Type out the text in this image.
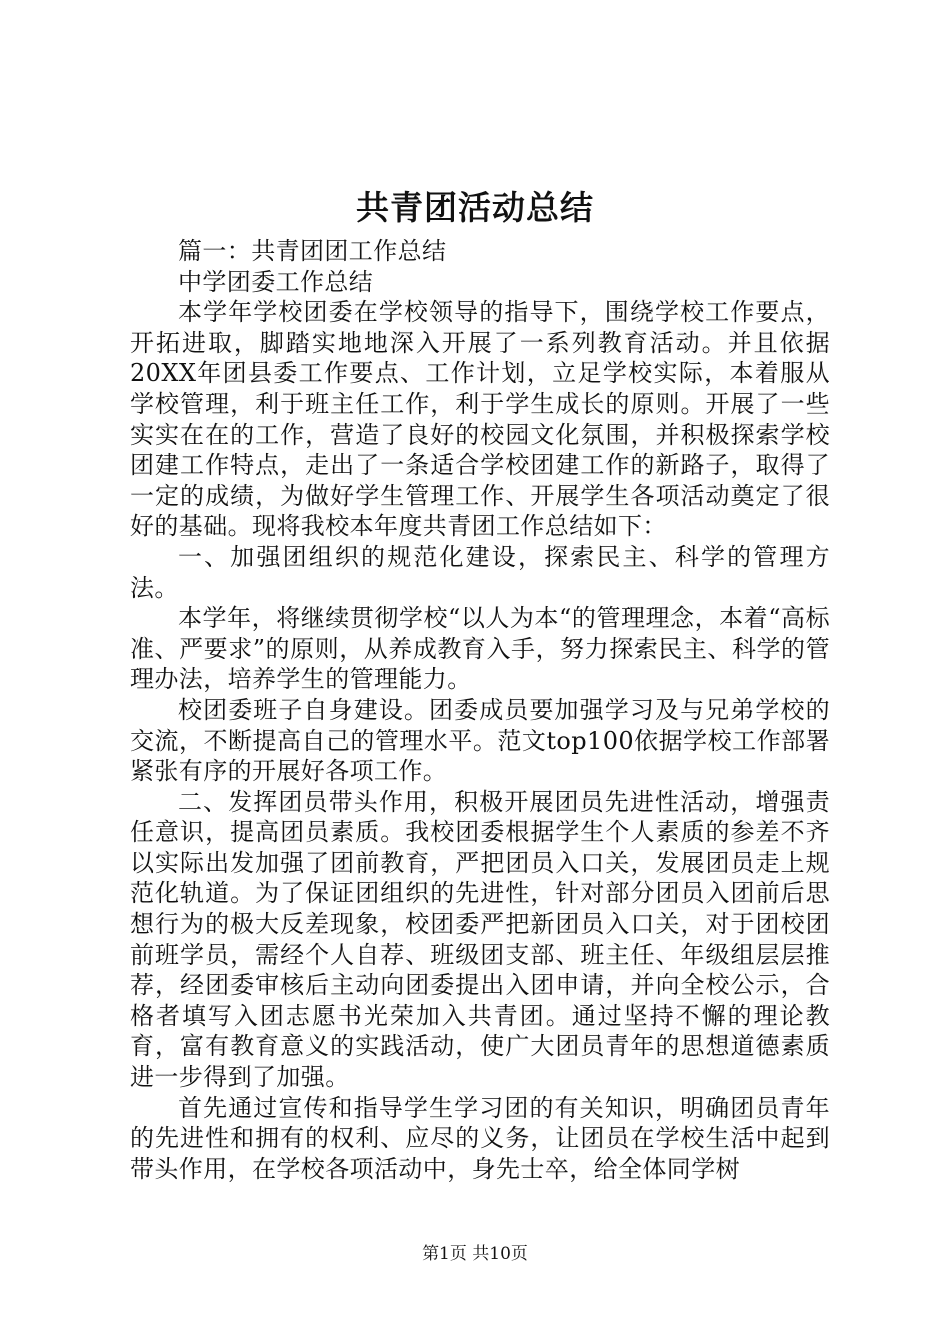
共青团活动总结

篇一：共青团团工作总结

中学团委工作总结

本学年学校团委在学校领导的指导下，围绕学校工作要点，开拓进取，脚踏实地地深入开展了一系列教育活动。并且依据20XX年团县委工作要点、工作计划，立足学校实际，本着服从学校管理，利于班主任工作，利于学生成长的原则。开展了一些实实在在的工作，营造了良好的校园文化氛围，并积极探索学校团建工作特点，走出了一条适合学校团建工作的新路子，取得了一定的成绩，为做好学生管理工作、开展学生各项活动奠定了很好的基础。现将我校本年度共青团工作总结如下：

一、加强团组织的规范化建设，探索民主、科学的管理方法。

本学年，将继续贯彻学校“以人为本“的管理理念，本着“高标准、严要求”的原则，从养成教育入手，努力探索民主、科学的管理办法，培养学生的管理能力。

校团委班子自身建设。团委成员要加强学习及与兄弟学校的交流，不断提高自己的管理水平。范文top100依据学校工作部署紧张有序的开展好各项工作。

二、发挥团员带头作用，积极开展团员先进性活动，增强责任意识，提高团员素质。我校团委根据学生个人素质的参差不齐以实际出发加强了团前教育，严把团员入口关，发展团员走上规范化轨道。为了保证团组织的先进性，针对部分团员入团前后思想行为的极大反差现象，校团委严把新团员入口关，对于团校团前班学员，需经个人自荐、班级团支部、班主任、年级组层层推荐，经团委审核后主动向团委提出入团申请，并向全校公示，合格者填写入团志愿书光荣加入共青团。通过坚持不懈的理论教育，富有教育意义的实践活动，使广大团员青年的思想道德素质进一步得到了加强。

首先通过宣传和指导学生学习团的有关知识，明确团员青年的先进性和拥有的权利、应尽的义务，让团员在学校生活中起到带头作用，在学校各项活动中，身先士卒，给全体同学树

第1页 共10页
